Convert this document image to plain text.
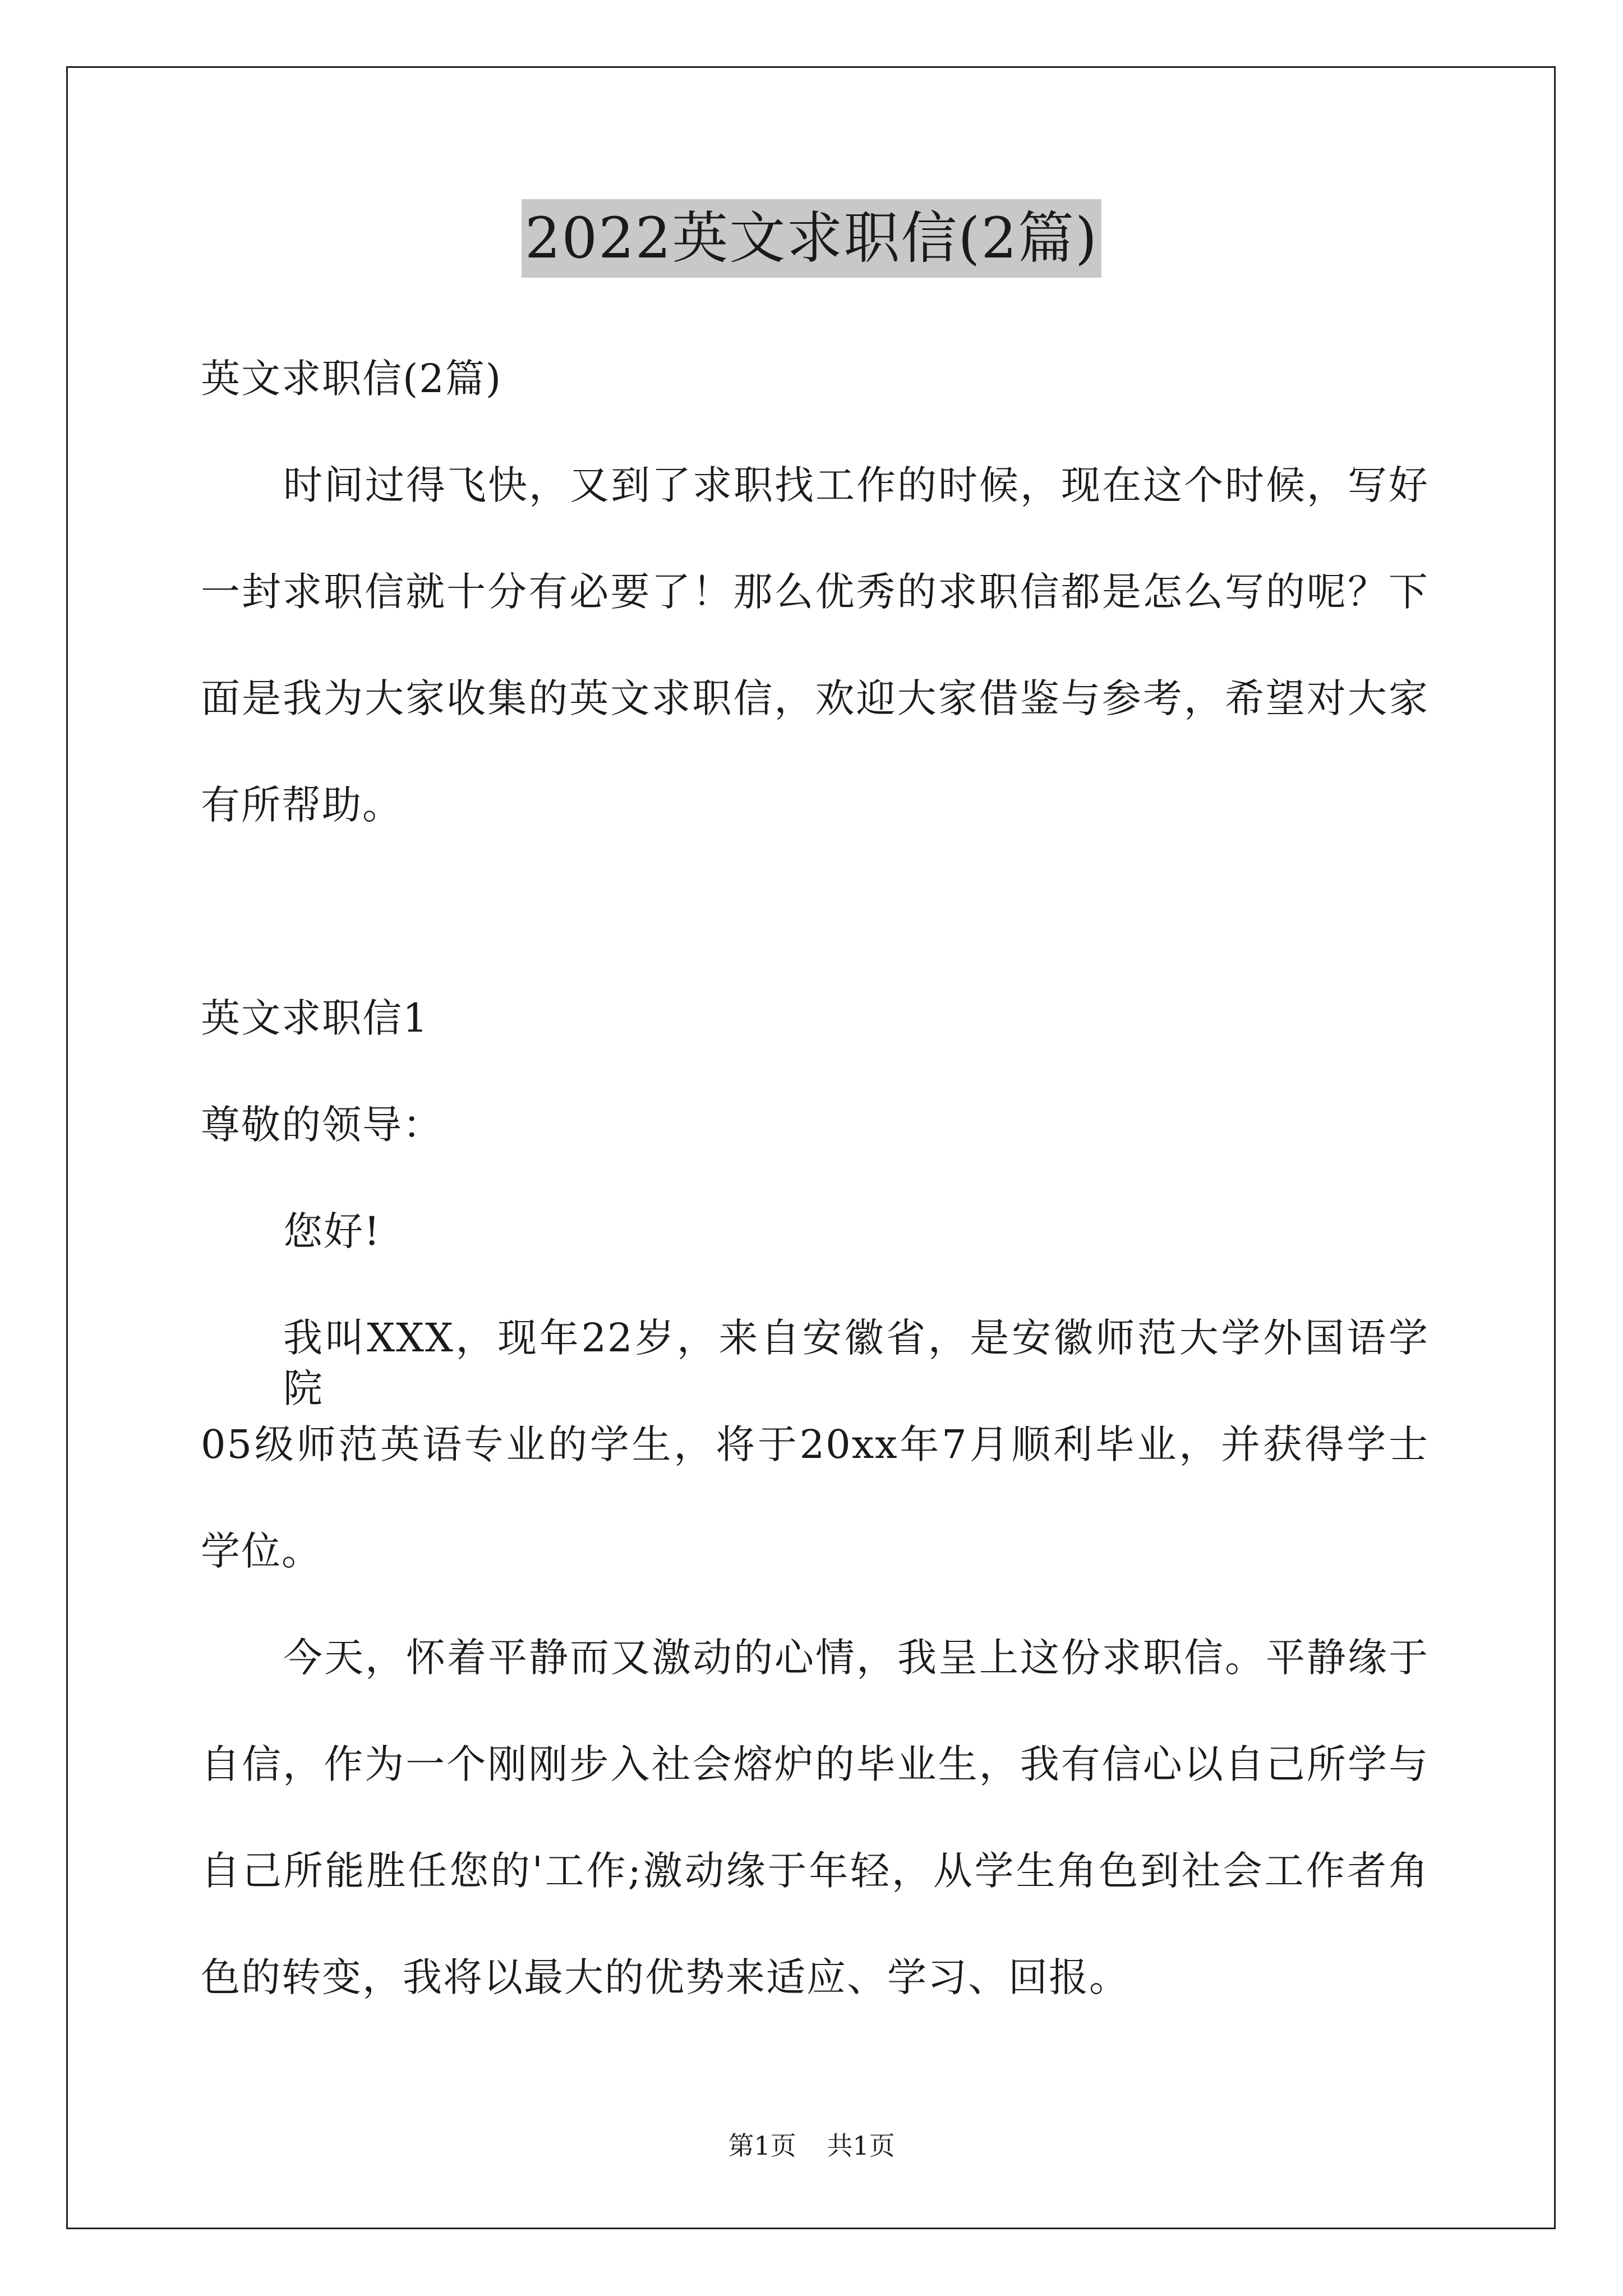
2022英文求职信(2篇)
英文求职信(2篇)
时间过得飞快，又到了求职找工作的时候，现在这个时候，写好
一封求职信就十分有必要了！那么优秀的求职信都是怎么写的呢？下
面是我为大家收集的英文求职信，欢迎大家借鉴与参考，希望对大家
有所帮助。
英文求职信1
尊敬的领导：
您好!
我叫XXX，现年22岁，来自安徽省，是安徽师范大学外国语学院
05级师范英语专业的学生，将于20xx年7月顺利毕业，并获得学士
学位。
今天，怀着平静而又激动的心情，我呈上这份求职信。平静缘于
自信，作为一个刚刚步入社会熔炉的毕业生，我有信心以自己所学与
自己所能胜任您的'工作;激动缘于年轻，从学生角色到社会工作者角
色的转变，我将以最大的优势来适应、学习、回报。
第1页 共1页
